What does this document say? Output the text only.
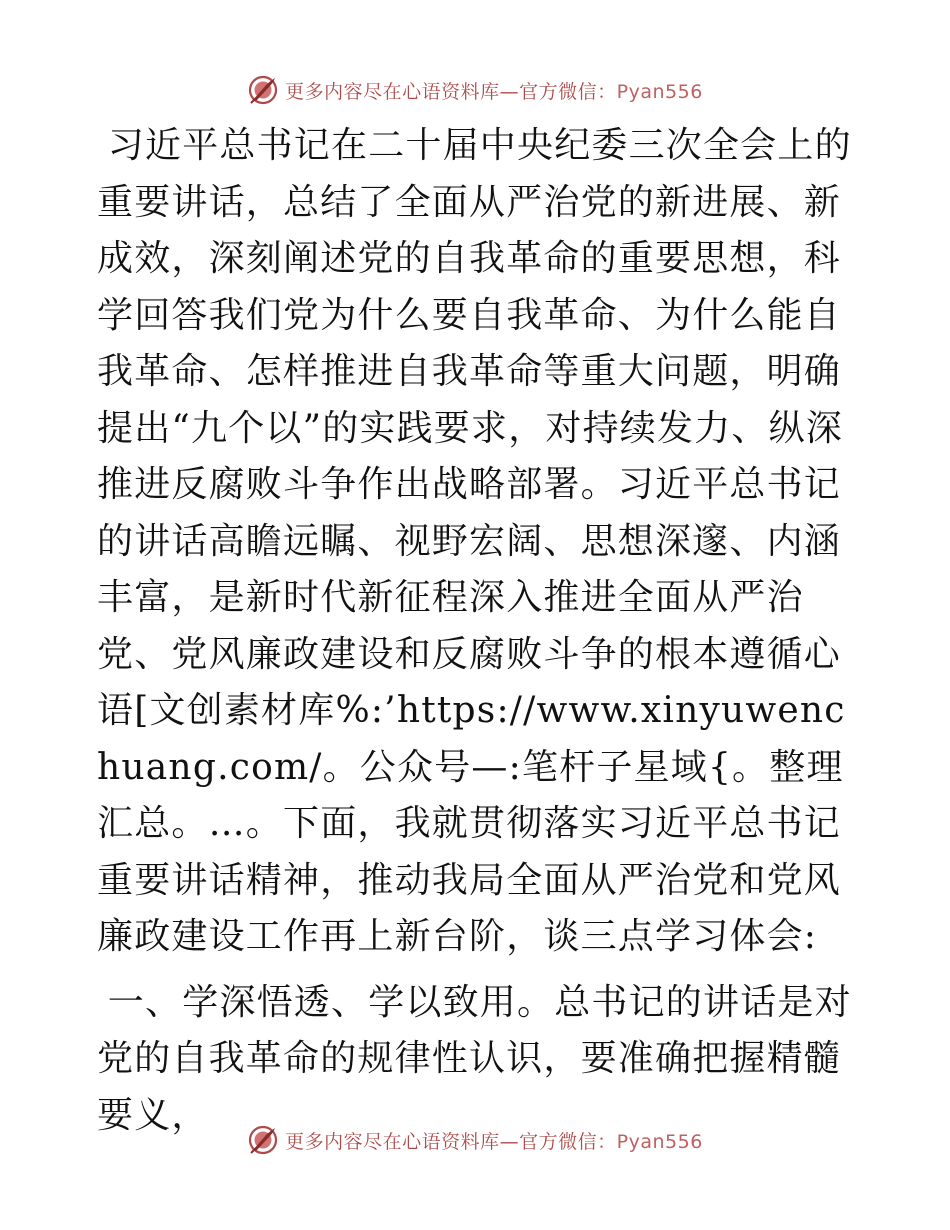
更多内容尽在心语资料库—官方微信：Pyan556

习近平总书记在二十届中央纪委三次全会上的重要讲话，总结了全面从严治党的新进展、新成效，深刻阐述党的自我革命的重要思想，科学回答我们党为什么要自我革命、为什么能自我革命、怎样推进自我革命等重大问题，明确提出“九个以”的实践要求，对持续发力、纵深推进反腐败斗争作出战略部署。习近平总书记的讲话高瞻远瞩、视野宏阔、思想深邃、内涵丰富，是新时代新征程深入推进全面从严治党、党风廉政建设和反腐败斗争的根本遵循心语[文创素材库%:’https://www.xinyuwenchuang.com/。公众号—:笔杆子星域{。整理汇总。…。下面，我就贯彻落实习近平总书记重要讲话精神，推动我局全面从严治党和党风廉政建设工作再上新台阶，谈三点学习体会:

一、学深悟透、学以致用。总书记的讲话是对党的自我革命的规律性认识，要准确把握精髓要义，

更多内容尽在心语资料库—官方微信：Pyan556
